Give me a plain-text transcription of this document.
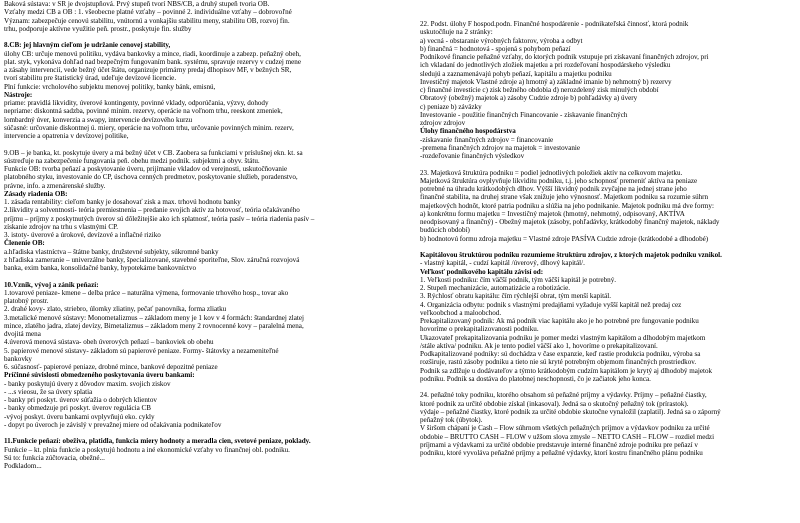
Baková sústava: v SR je dvojstupňová. Prvý stupeň tvorí NBS/CB, a druhý stupeň tvoria OB.
Vzťahy medzi CB a OB : 1. všeobecne platné vzťahy – povinné 2. individuálne vzťahy – dobrovoľné
Význam: zabezpečuje cenovú stabilitu, vnútornú a vonkajšiu stabilitu meny, stabilitu OB, rozvoj fin.
trhu, podporuje aktívne využitie peň. prostr., poskytuje fin. služby
8.CB: jej hlavným cieľom je udržanie cenovej stability,
úlohy CB: určuje menovú politiku, vydáva bankovky a mince, riadi, koordinuje a zabezp. peňažný obeh,
plat. styk, vykonáva dohľad nad bezpečným fungovaním bank. systému, spravuje rezervy v cudzej mene
a zásahy intervencií, vede bežný účet štátu, organizuje primárny predaj dlhopisov MF, v bežných SR,
tvorí stabilitu pre štatistický úrad, udeľuje devízové licencie.
Plní funkcie: vrcholového subjektu menovej politiky, banky bánk, emisnú,
Nástroje:
priame: pravidlá likvidity, úverové kontingenty, povinné vklady, odporúčania, výzvy, dohody
nepriame: diskontná sadzba, povinné minim. rezervy, operácie na voľnom trhu, reeskont zmeniek,
lombardný úver, konverzia a swapy, intervencie devízového kurzu
súčasné: určovanie diskontnej ú. miery, operácie na voľnom trhu, určovanie povinných minim. rezerv,
intervencie a opatrenia v devízovej politike,
9.OB – je banka, kt. poskytuje úvery a má bežný účet v CB. Zaobera sa funkciami v príslušnej ekn. kt. sa
sústreďuje na zabezpečenie fungovania peň. obehu medzi podnik. subjektmi a obyv. štátu.
Funkcie OB: tvorba peňazí a poskytovanie úveru, prijímanie vkladov od verejnosti, uskutočňovanie
platobného styku, investovanie do CP, úschova cenných predmetov, poskytovanie služieb, poradenstvo,
právne, info. a zmenárenské služby.
Zásady riadenia OB:
1. zásada rentability: cieľom banky je dosahovať zisk a max. trhovú hodnotu banky
2.likvidity a solventnosti- teória premiestnenia – predanie svojich aktív za hotovosť, teória očakávaného
príjmu – príjmy z poskytnutých úverov sú dôležitejšie ako ich splatnosť, teória pasív – teória riadenia pasív –
získanie zdrojov na trhu s vlastnými CP.
3. istoty- úverové a úrokové, devízové a inflačné riziko
Členenie OB:
a.hľadiska vlastníctva – štátne banky, družstevné subjekty, súkromné banky
z hľadiska zameranie – univerzálne banky, špecializované, stavebné sporiteľne, Slov. záručná rozvojová
banka, exim banka, konsolidačné banky, hypotekárne bankovníctvo
10.Vznik, vývoj a zánik peňazí:
1.tovarové peniaze- kmene – delba práce – naturálna výmena, formovanie trhového hosp., tovar ako
platobný prostr.
2. drahé kovy- zlato, striebro, úlomky zliatiny, pečať panovníka, forma zliatku
3.metalické menové sústavy: Monometalizmus – základom meny je 1 kov v 4 formách: štandardnej zlatej
mince, zlatého jadra, zlatej devízy, Bimetalizmus – základom meny 2 rovnocenné kovy – paralelná mena,
dvojitá mena
4.úverová menová sústava- obeh úverových peňazí – bankoviek ob obehu
5. papierové menové sústavy- základom sú papierové peniaze. Formy- štátovky a nezameniteľné
bankovky
6. súčasnosť- papierové peniaze, drobné mince, bankové depozitné peniaze
Príčinné súvislosti obmedzeného poskytovania úveru bankami:
- banky poskytujú úvery z dôvodov maxim. svojich ziskov
- ...s vieosu, že sa úvery splatia
- banky pri poskyt. úverov súťažia o dobrých klientov
- banky obmedzuje pri poskyt. úverov regulácia CB
-vývoj poskyt. úveru bankami ovplyvňujú eko. cykly
- dopyt po úveroch je závislý v prevažnej miere od očakávania podnikateľov
11.Funkcie peňazí: obeživa, platidla, funkcia miery hodnoty a meradla cien, svetové peniaze, poklady.
Funkcie – kt. plnia funkcie a poskytujú hodnotu a iné ekonomické vzťahy vo finančnej obl. podniku.
Sú to: funkcia zúčtovacia, obežné...
Podkladom...
22. Podst. úlohy F hospod.podn. Finančné hospodárenie - podnikateľská činnosť, ktorá podnik
uskutočňuje na 2 stránky:
a) vecná - obstaranie výrobných faktorov, výroba a odbyt
b) finančná = hodnotová - spojená s pohybom peňazí
Podnikové financie peňažné vzťahy, do ktorých podnik vstupuje pri získavaní finančných zdrojov, pri
ich vkladaní do jednotlivých zložiek majetku a pri rozdeľovaní hospodárskeho výsledku
sledujú a zaznamenávajú pohyb peňazí, kapitálu a majetku podniku
Investičný majetok Vlastné zdroje a) hmotný a) základné imanie b) nehmotný b) rezervy
c) finančné investície c) zisk bežného obdobia d) nerozdelený zisk minulých období
Obratový (obežný) majetok a) zásoby Cudzie zdroje b) pohľadávky a) úvery
c) peniaze b) záväzky
Investovanie - použitie finančných Financovanie - získavanie finančných
zdrojov zdrojov
Úlohy finančného hospodárstva
-získavanie finančných zdrojov = financovanie
-premena finančných zdrojov na majetok = investovanie
-rozdeľovanie finančných výsledkov
23. Majetková štruktúra podniku = podiel jednotlivých položiek aktív na celkovom majetku.
Majetková štruktúra ovplyvňuje likviditu podniku, t.j. jeho schopnosť premeniť aktíva na peniaze
potrebné na úhradu krátkodobých dlhov. Výšší likvidný podnik zvyčajne na jednej strane jeho
finančné stabilita, na druhej strane však znižuje jeho výnosnosť. Majetkom podniku sa rozumie súhrn
majetkových hodnôt, ktoré patria podniku a slúžia na jeho podnikanie. Majetok podniku má dve formy:
a) konkrétnu formu majetku = Investičný majetok (hmotný, nehmotný, odpisovaný, AKTÍVA
neodpisovaný a finančný) - Obežný majetok (zásoby, pohľadávky, krátkodobý finančný majetok, náklady
budúcich období)
b) hodnotovú formu zdroja majetku = Vlastné zdroje PASÍVA Cudzie zdroje (krátkodobé a dlhodobé)
Kapitálovou štruktúrou podniku rozumieme štruktúru zdrojov, z ktorých majetok podniku vznikol.
- vlastný kapitál, - cudzí kapitál /úverový, dlhový kapitál/.
Veľkosť podnikového kapitálu závisí od:
1. Veľkosti podniku: čím väčší podnik, tým väčší kapitál je potrebný.
2. Stupeň mechanizácie, automatizácie a robotizácie.
3. Rýchlosť obratu kapitálu: čím rýchlejší obrat, tým menší kapitál.
4. Organizácia odbytu: podnik s vlastnými predajňami vyžaduje vyšší kapitál než predaj cez
veľkoobchod a maloobchod.
Prekapitalizovaný podnik: Ak má podnik viac kapitálu ako je ho potrebné pre fungovanie podniku
hovoríme o prekapitalizovanosti podniku.
Ukazovateľ prekapitalizovania podniku je pomer medzi vlastným kapitálom a dlhodobým majetkom
/stále aktíva/ podniku. Ak je tento podiel väčší ako 1, hovoríme o prekapitalizovaní.
Podkapitalizované podniky: sú dochádza v čase expanzie, keď rastie produkcia podniku, výroba sa
rozširuje, rastú zásoby podniku a tieto nie sú kryté potrebným objemom finančných prostriedkov.
Podnik sa zdlžuje u dodávateľov a týmto krátkodobým cudzím kapitálom je krytý aj dlhodobý majetok
podniku. Podnik sa dostáva do platobnej neschopnosti, čo je začiatok jeho konca.
24. peňažné toky podniku, ktorého obsahom sú peňažné príjmy a výdavky. Príjmy – peňažné čiastky,
ktoré podnik za určité obdobie získal (inkasoval). Jedná sa o skutočný peňažný tok (prírastok).
výdaje – peňažné čiastky, ktoré podnik za určité obdobie skutočne vynaložil (zaplatil). Jedná sa o záporný
peňažný tok (úbytok).
V širšom chápaní je Cash – Flow súhrnom všetkých peňažných príjmov a výdavkov podniku za určité
obdobie – BRUTTO CASH – FLOW v užšom slova zmysle – NETTO CASH – FLOW – rozdiel medzi
príjmami a výdavkami za určité obdobie predstavuje interné finančné zdroje podniku pre peňazí v
podniku, ktoré vyvoláva peňažné príjmy a peňažné výdavky, ktorí kostru finančného plánu podniku
